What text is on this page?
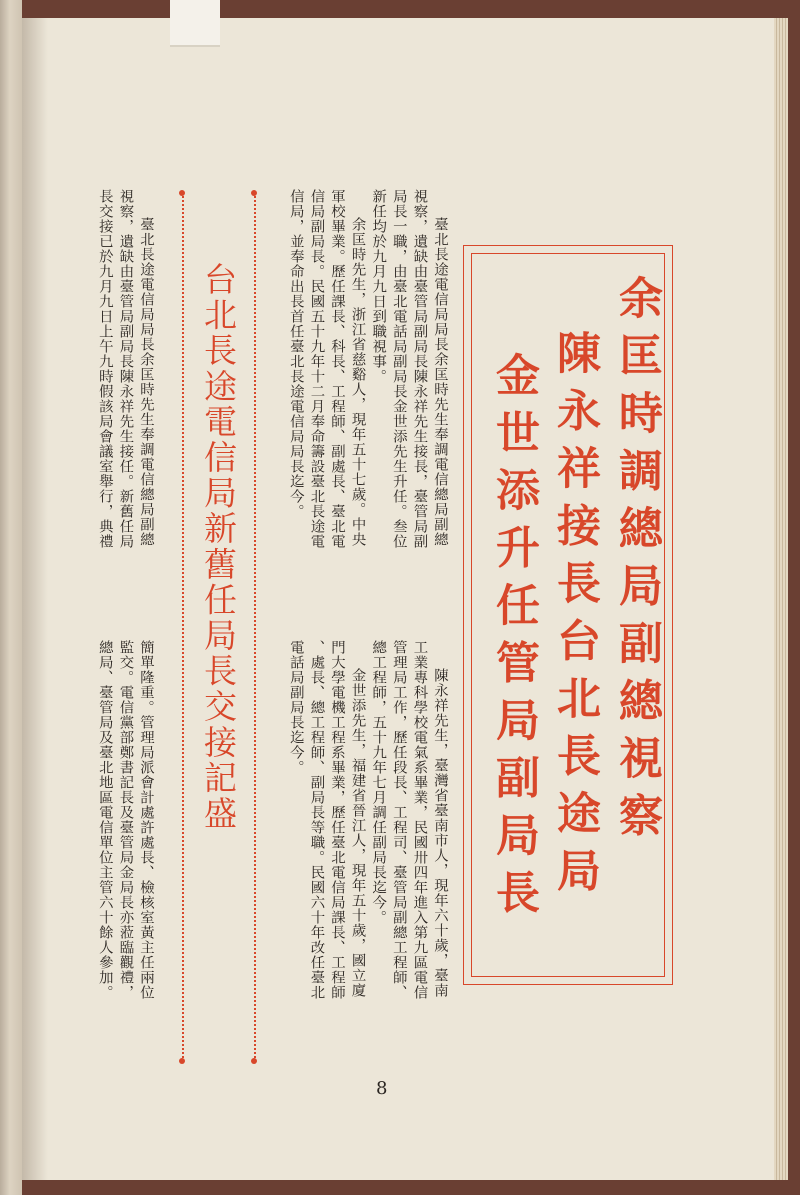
余匡時調總局副總視察
陳永祥接長台北長途局
金世添升任管局副局長
臺北長途電信局局長余匡時先生奉調電信總局副總
視察，遺缺由臺管局副局長陳永祥先生接長，臺管局副
局長一職，由臺北電話局副局長金世添先生升任。叁位
新任均於九月九日到職視事。
余匡時先生，浙江省慈谿人，現年五十七歲。中央
軍校畢業。歷任課長、科長、工程師、副處長、臺北電
信局副局長。民國五十九年十二月奉命籌設臺北長途電
信局，並奉命出長首任臺北長途電信局局長迄今。
陳永祥先生，臺灣省臺南市人，現年六十歲，臺南
工業專科學校電氣系畢業，民國卅四年進入第九區電信
管理局工作，歷任段長、工程司、臺管局副總工程師、
總工程師，五十九年七月調任副局長迄今。
金世添先生，福建省晉江人，現年五十歲，國立廈
門大學電機工程系畢業，歷任臺北電信局課長、工程師
、處長、總工程師、副局長等職。民國六十年改任臺北
電話局副局長迄今。
臺北長途電信局局長余匡時先生奉調電信總局副總
視察，遺缺由臺管局副局長陳永祥先生接任。新舊任局
長交接已於九月九日上午九時假該局會議室舉行，典禮
簡單隆重。管理局派會計處許處長、檢核室黃主任兩位
監交。電信黨部鄭書記長及臺管局金局長亦蒞臨觀禮，
總局、臺管局及臺北地區電信單位主管六十餘人參加。	台北長途電信局新舊任局長交接記盛
8
